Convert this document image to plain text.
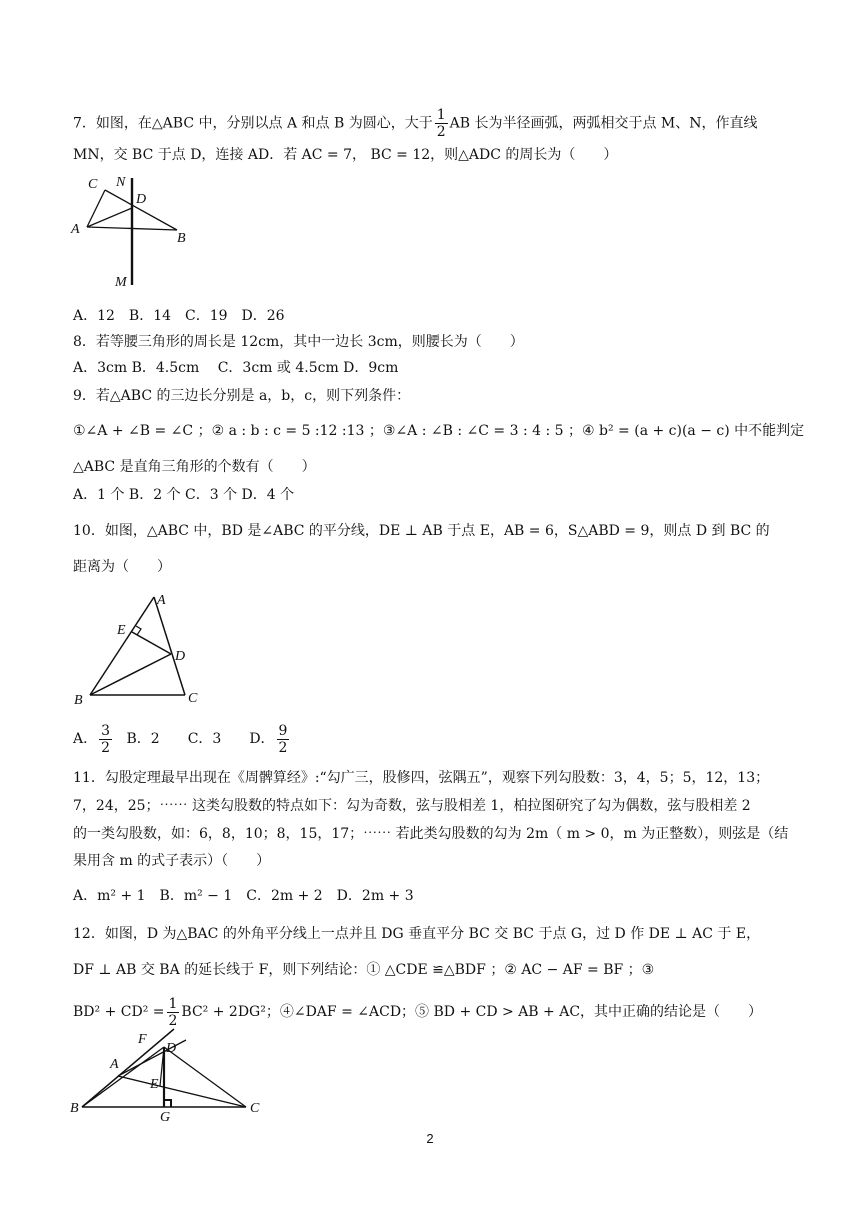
7．如图，在△ABC 中，分别以点 A 和点 B 为圆心，大于 $\frac{1}{2}$ AB 长为半径画弧，两弧相交于点 M、N，作直线
MN，交 BC 于点 D，连接 AD．若 AC = 7， BC = 12，则△ADC 的周长为（　　）
C N
D
A
B
M
A．12　B．14　C．19　D．26
8．若等腰三角形的周长是 12cm，其中一边长 3cm，则腰长为（　　）
A．3cm B．4.5cm　 C．3cm 或 4.5cm D．9cm
9．若△ABC 的三边长分别是 a，b，c，则下列条件：
①∠A + ∠B = ∠C ；② a : b : c = 5 :12 :13 ；③∠A : ∠B : ∠C = 3 : 4 : 5 ；④ b² = (a + c)(a − c) 中不能判定
△ABC 是直角三角形的个数有（　　）
A．1 个 B．2 个 C．3 个 D．4 个
10．如图，△ABC 中，BD 是∠ABC 的平分线，DE ⊥ AB 于点 E，AB = 6，S△ABD = 9，则点 D 到 BC 的
距离为（　　）
A
E
D
B	C
A． $\frac{3}{2}$ B．2　　C．3　　D． $\frac{9}{2}$
11．勾股定理最早出现在《周髀算经》:“勾广三，股修四，弦隅五”，观察下列勾股数：3，4，5；5，12，13；
7，24，25；⋯⋯ 这类勾股数的特点如下：勾为奇数，弦与股相差 1，柏拉图研究了勾为偶数，弦与股相差 2
的一类勾股数，如：6，8，10；8，15，17；⋯⋯ 若此类勾股数的勾为 2m（ m > 0，m 为正整数），则弦是（结
果用含 m 的式子表示）（　　）
A．m² + 1　B．m² − 1　C．2m + 2　D．2m + 3
12．如图，D 为△BAC 的外角平分线上一点并且 DG 垂直平分 BC 交 BC 于点 G，过 D 作 DE ⊥ AC 于 E，
DF ⊥ AB 交 BA 的延长线于 F，则下列结论：① △CDE ≌△BDF ；② AC − AF = BF ；③
$BD^2 + CD^2 = \frac{1}{2} BC^2 + 2DG^2$；④∠DAF = ∠ACD；⑤ BD + CD > AB + AC，其中正确的结论是（　　）
F
A
D
E
B
G
C
2
